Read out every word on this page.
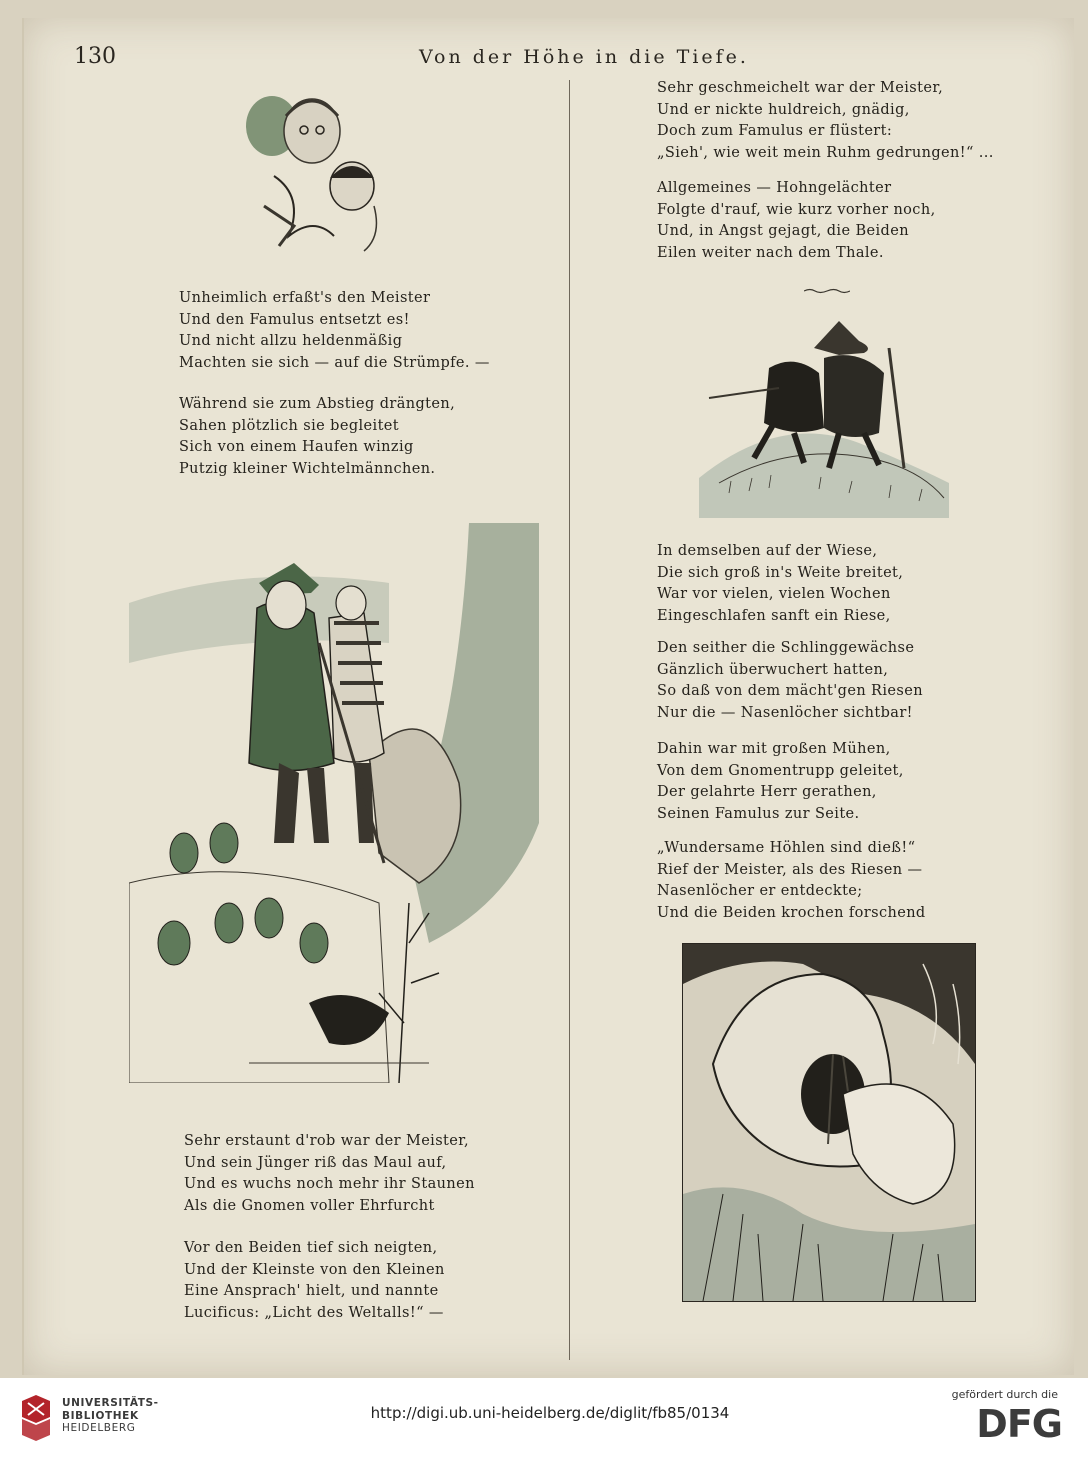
130	Von der Höhe in die Tiefe.
Unheimlich erfaßt's den Meister
Und den Famulus entsetzt es!
Und nicht allzu heldenmäßig
Machten sie sich — auf die Strümpfe. —
Während sie zum Abstieg drängten,
Sahen plötzlich sie begleitet
Sich von einem Haufen winzig
Putzig kleiner Wichtelmännchen.
Sehr erstaunt d'rob war der Meister,
Und sein Jünger riß das Maul auf,
Und es wuchs noch mehr ihr Staunen
Als die Gnomen voller Ehrfurcht
Vor den Beiden tief sich neigten,
Und der Kleinste von den Kleinen
Eine Ansprach' hielt, und nannte
Lucificus: „Licht des Weltalls!“ —
Sehr geschmeichelt war der Meister,
Und er nickte huldreich, gnädig,
Doch zum Famulus er flüstert:
„Sieh', wie weit mein Ruhm gedrungen!“ ...
Allgemeines — Hohngelächter
Folgte d'rauf, wie kurz vorher noch,
Und, in Angst gejagt, die Beiden
Eilen weiter nach dem Thale.
In demselben auf der Wiese,
Die sich groß in's Weite breitet,
War vor vielen, vielen Wochen
Eingeschlafen sanft ein Riese,
Den seither die Schlinggewächse
Gänzlich überwuchert hatten,
So daß von dem mächt'gen Riesen
Nur die — Nasenlöcher sichtbar!
Dahin war mit großen Mühen,
Von dem Gnomentrupp geleitet,
Der gelahrte Herr gerathen,
Seinen Famulus zur Seite.
„Wundersame Höhlen sind dieß!“
Rief der Meister, als des Riesen —
Nasenlöcher er entdeckte;
Und die Beiden krochen forschend
UNIVERSITÄTS-
BIBLIOTHEK
HEIDELBERG
http://digi.ub.uni-heidelberg.de/diglit/fb85/0134
gefördert durch die
DFG
